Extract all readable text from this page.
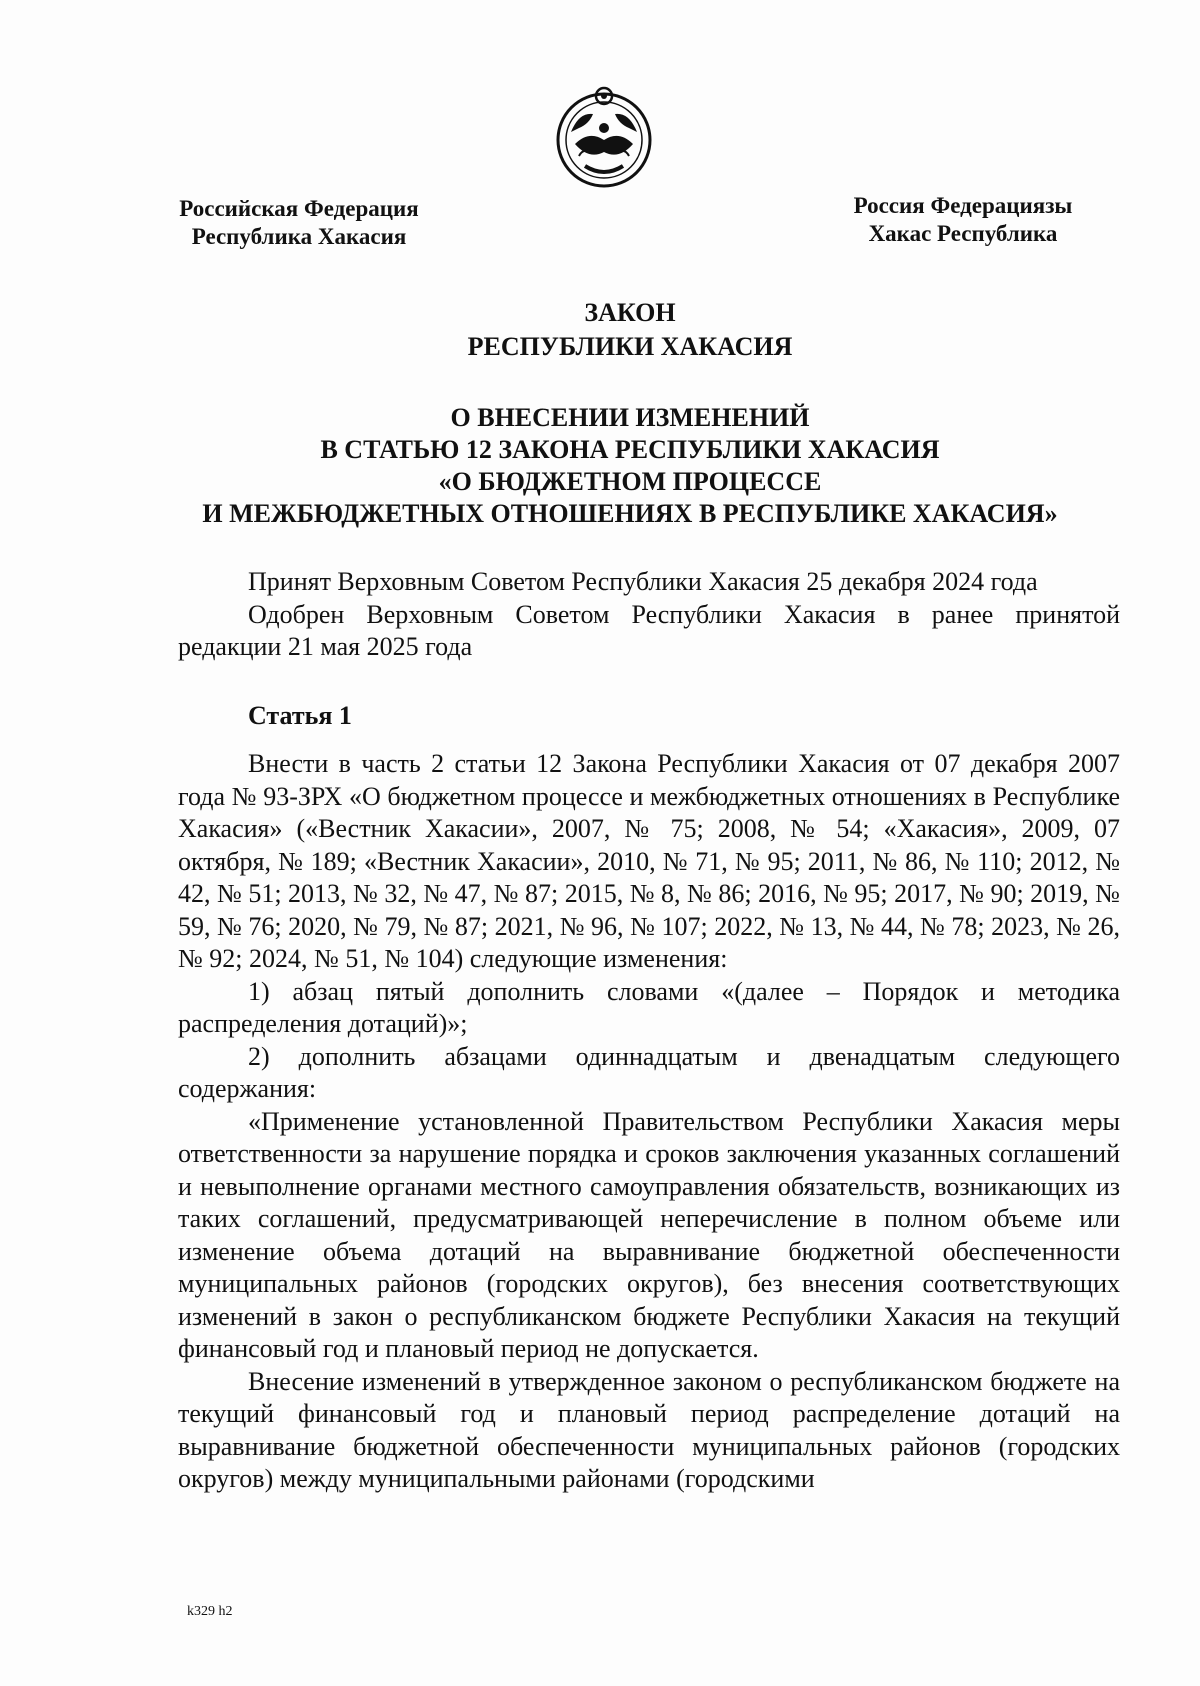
Российская Федерация
Республика Хакасия
Россия Федерациязы
Хакас Республика
ЗАКОН
РЕСПУБЛИКИ ХАКАСИЯ
О ВНЕСЕНИИ ИЗМЕНЕНИЙ
В СТАТЬЮ 12 ЗАКОНА РЕСПУБЛИКИ ХАКАСИЯ
«О БЮДЖЕТНОМ ПРОЦЕССЕ
И МЕЖБЮДЖЕТНЫХ ОТНОШЕНИЯХ В РЕСПУБЛИКЕ ХАКАСИЯ»

Принят Верховным Советом Республики Хакасия 25 декабря 2024 года

Одобрен Верховным Советом Республики Хакасия в ранее принятой редакции 21 мая 2025 года

Статья 1

Внести в часть 2 статьи 12 Закона Республики Хакасия от 07 декабря 2007 года № 93-ЗРХ «О бюджетном процессе и межбюджетных отношениях в Республике Хакасия» («Вестник Хакасии», 2007, № 75; 2008, № 54; «Хакасия», 2009, 07 октября, № 189; «Вестник Хакасии», 2010, № 71, № 95; 2011, № 86, № 110; 2012, № 42, № 51; 2013, № 32, № 47, № 87; 2015, № 8, № 86; 2016, № 95; 2017, № 90; 2019, № 59, № 76; 2020, № 79, № 87; 2021, № 96, № 107; 2022, № 13, № 44, № 78; 2023, № 26, № 92; 2024, № 51, № 104) следующие изменения:

1) абзац пятый дополнить словами «(далее – Порядок и методика распределения дотаций)»;

2) дополнить абзацами одиннадцатым и двенадцатым следующего содержания:

«Применение установленной Правительством Республики Хакасия меры ответственности за нарушение порядка и сроков заключения указанных соглашений и невыполнение органами местного самоуправления обязательств, возникающих из таких соглашений, предусматривающей неперечисление в полном объеме или изменение объема дотаций на выравнивание бюджетной обеспеченности муниципальных районов (городских округов), без внесения соответствующих изменений в закон о республиканском бюджете Республики Хакасия на текущий финансовый год и плановый период не допускается.

Внесение изменений в утвержденное законом о республиканском бюджете на текущий финансовый год и плановый период распределение дотаций на выравнивание бюджетной обеспеченности муниципальных районов (городских округов) между муниципальными районами (городскими

k329 h2
